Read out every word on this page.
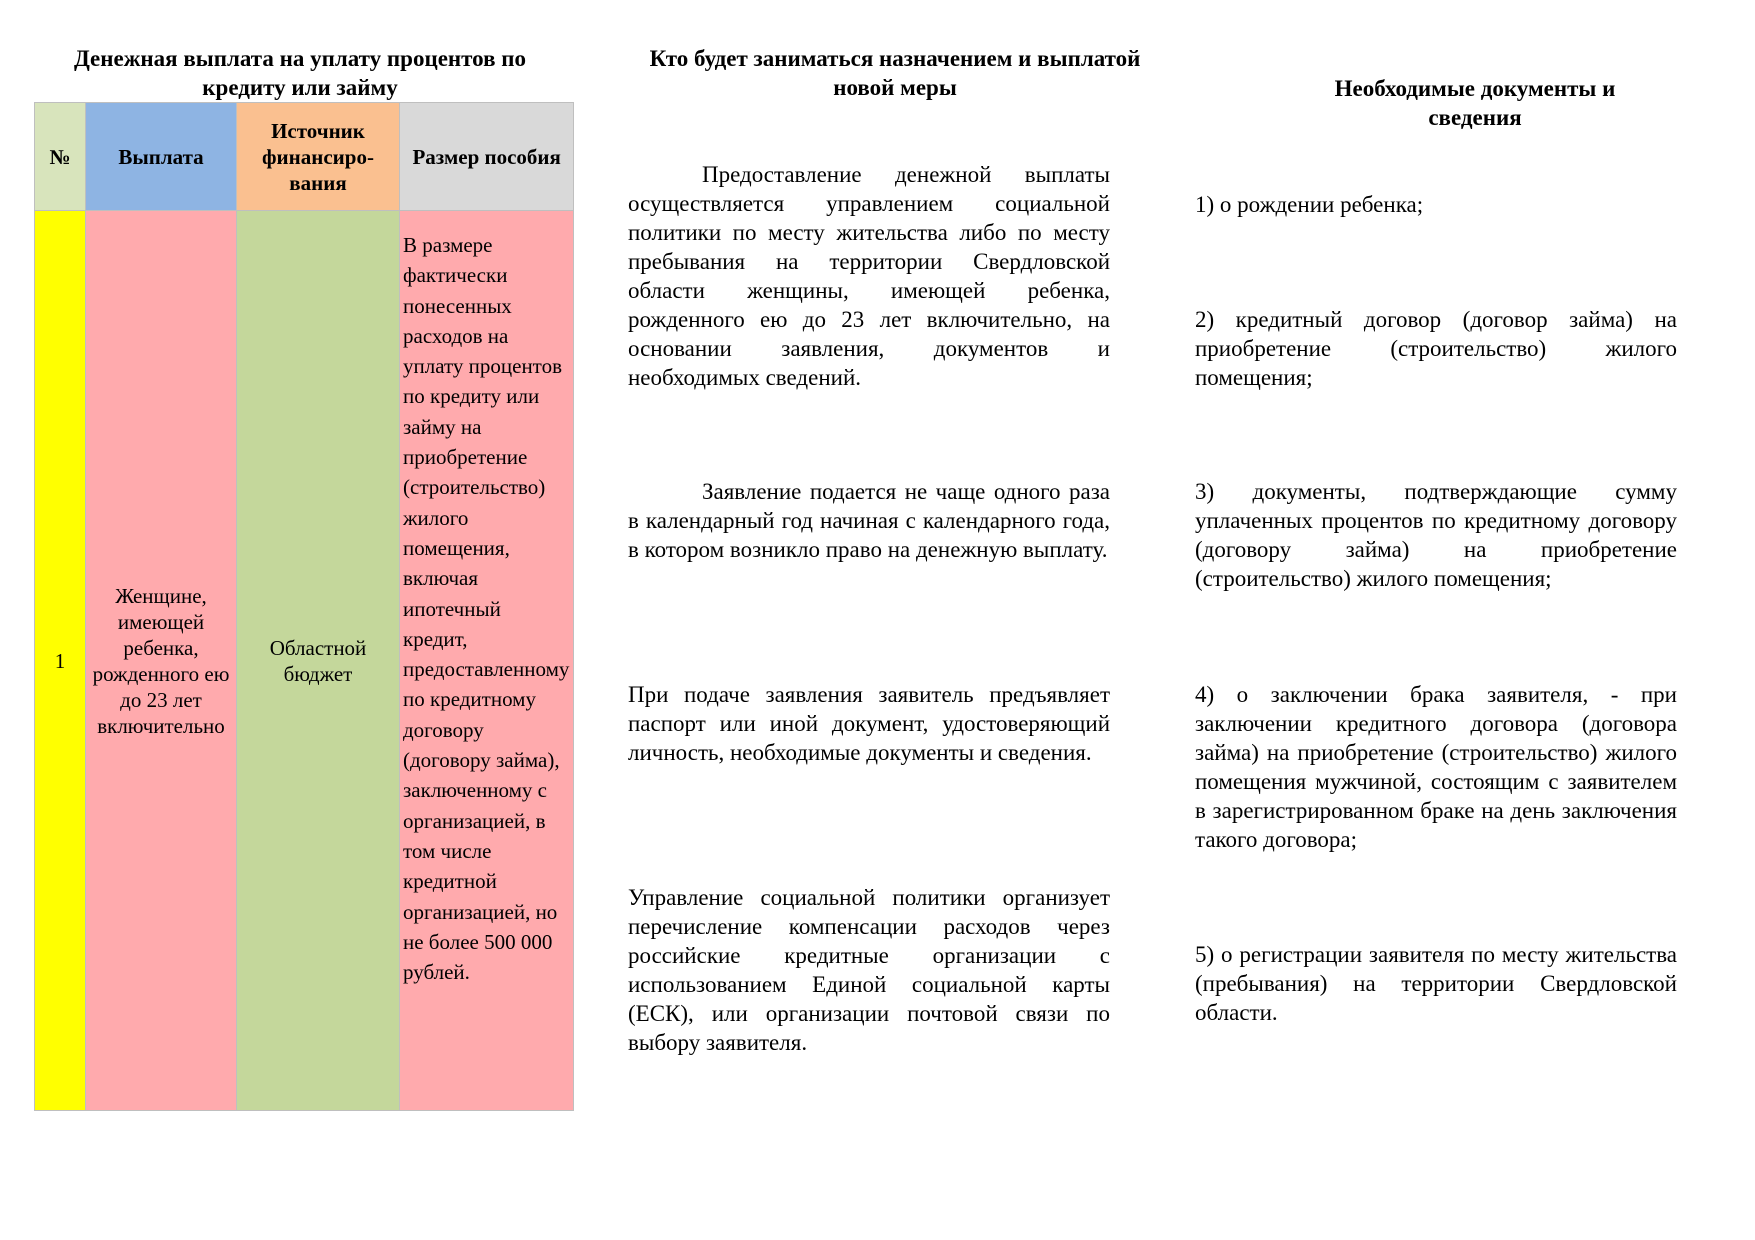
Денежная выплата на уплату процентов по кредиту или займу
№	Выплата	Источник финансиро-вания	Размер пособия
1	Женщине, имеющей ребенка, рожденного ею до 23 лет включительно	Областной бюджет	В размере фактически понесенных расходов на уплату процентов по кредиту или займу на приобретение (строительство) жилого помещения, включая ипотечный кредит, предоставленному по кредитному договору (договору займа), заключенному с организацией, в том числе кредитной организацией, но не более 500 000 рублей.
Кто будет заниматься назначением и выплатой новой меры

Предоставление денежной выплаты осуществляется управлением социальной политики по месту жительства либо по месту пребывания на территории Свердловской области женщины, имеющей ребенка, рожденного ею до 23 лет включительно, на основании заявления, документов и необходимых сведений.

Заявление подается не чаще одного раза в календарный год начиная с календарного года, в котором возникло право на денежную выплату.

При подаче заявления заявитель предъявляет паспорт или иной документ, удостоверяющий личность, необходимые документы и сведения.

Управление социальной политики организует перечисление компенсации расходов через российские кредитные организации с использованием Единой социальной карты (ЕСК), или организации почтовой связи по выбору заявителя.

Необходимые документы и сведения

1) о рождении ребенка;

2) кредитный договор (договор займа) на приобретение (строительство) жилого помещения;

3) документы, подтверждающие сумму уплаченных процентов по кредитному договору (договору займа) на приобретение (строительство) жилого помещения;

4) о заключении брака заявителя, - при заключении кредитного договора (договора займа) на приобретение (строительство) жилого помещения мужчиной, состоящим с заявителем в зарегистрированном браке на день заключения такого договора;

5) о регистрации заявителя по месту жительства (пребывания) на территории Свердловской области.
